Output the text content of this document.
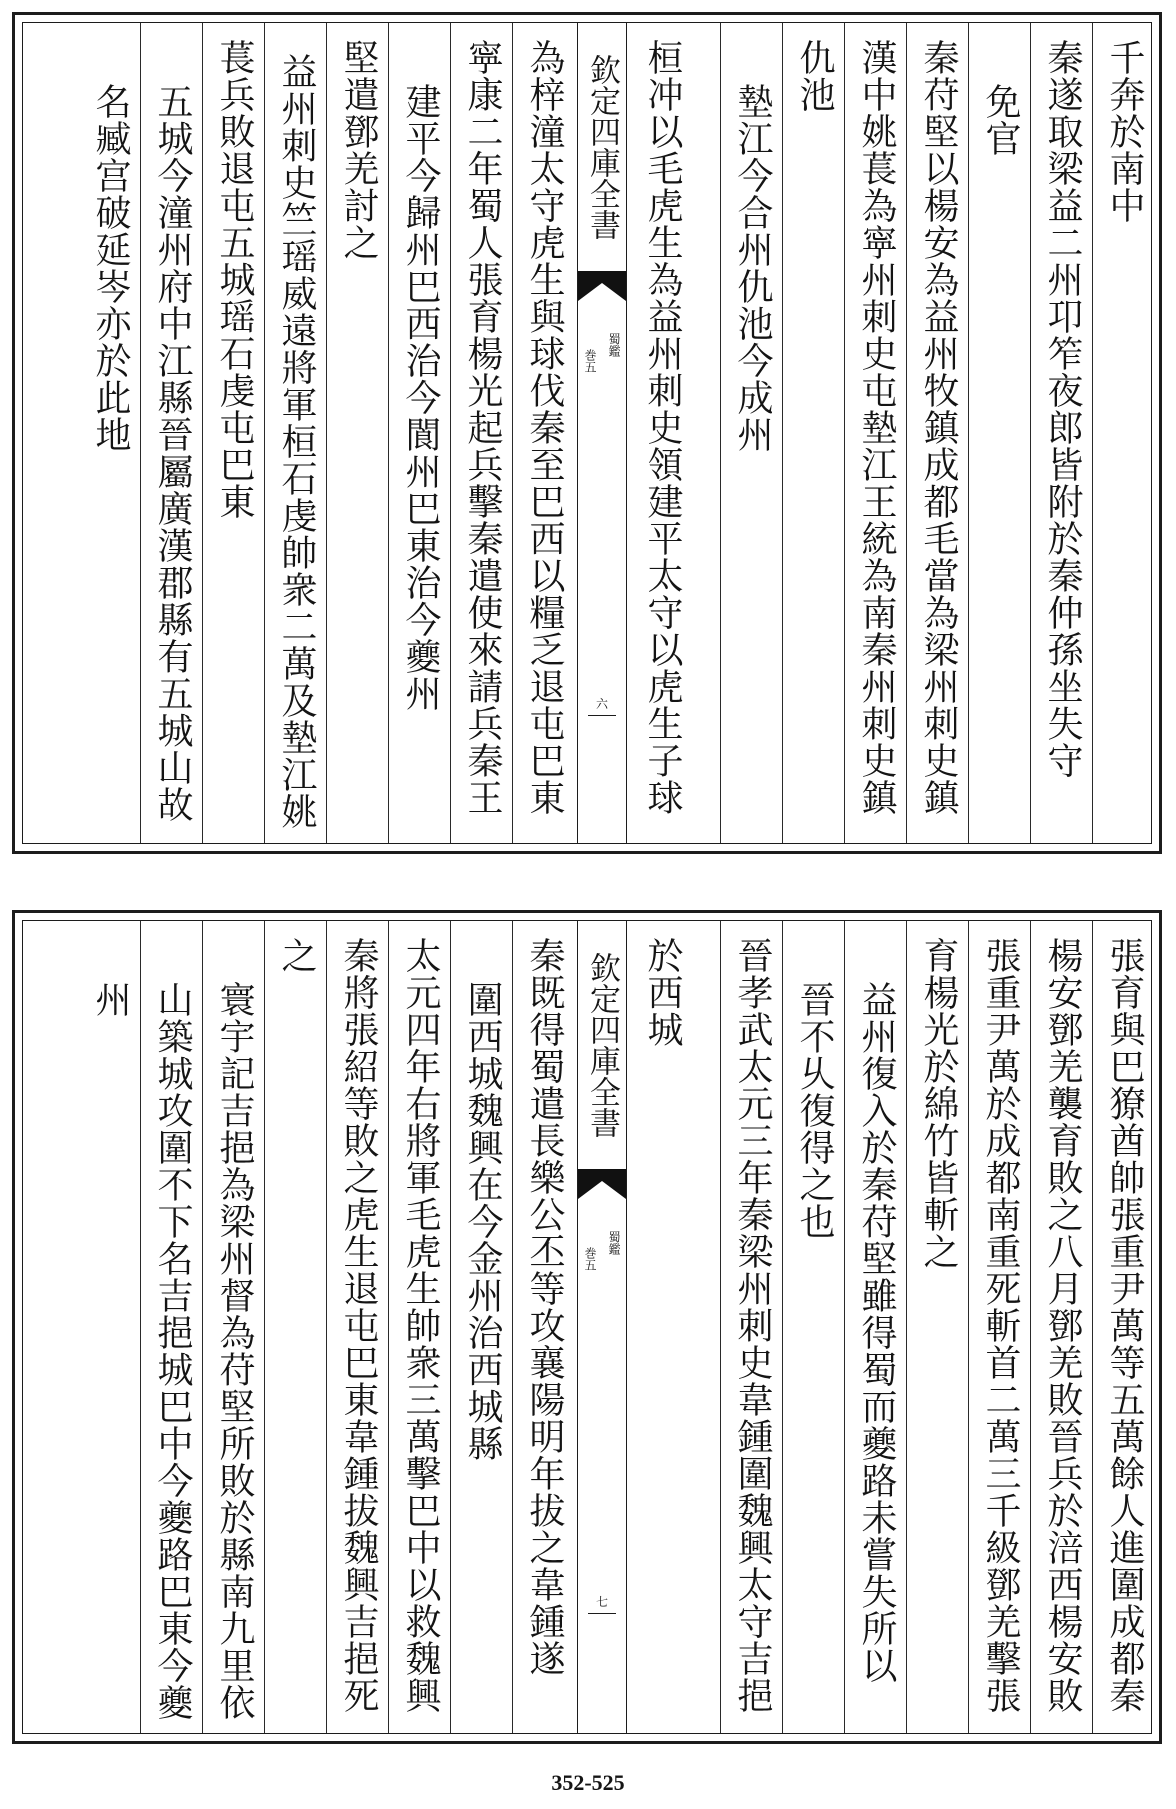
千奔於南中
秦遂取梁益二州卭笮夜郎皆附於秦仲孫坐失守
免官
秦苻堅以楊安為益州牧鎮成都毛當為梁州刺史鎮
漢中姚萇為寜州刺史屯墊江王統為南秦州刺史鎮
仇池
墊江今合州仇池今成州
桓冲以毛虎生為益州刺史領建平太守以虎生子球
欽定四庫全書
蜀鑑
巻五
六
為梓潼太守虎生與球伐秦至巴西以糧乏退屯巴東
寜康二年蜀人張育楊光起兵擊秦遣使來請兵秦王
建平今歸州巴西治今閬州巴東治今夔州
堅遣鄧羌討之
益州刺史竺瑶威遠將軍桓石虔帥衆二萬及墊江姚
萇兵敗退屯五城瑶石虔屯巴東
五城今潼州府中江縣晉屬廣漢郡縣有五城山故
名臧宫破延岑亦於此地
張育與巴獠酋帥張重尹萬等五萬餘人進圍成都秦
楊安鄧羌襲育敗之八月鄧羌敗晉兵於涪西楊安敗
張重尹萬於成都南重死斬首二萬三千級鄧羌擊張
育楊光於綿竹皆斬之
益州復入於秦苻堅雖得蜀而夔路未嘗失所以
晉不乆復得之也
晉孝武太元三年秦梁州刺史韋鍾圍魏興太守吉挹
於西城
欽定四庫全書
蜀鑑
巻五
七
秦既得蜀遣長樂公丕等攻襄陽明年拔之韋鍾遂
圍西城魏興在今金州治西城縣
太元四年右將軍毛虎生帥衆三萬擊巴中以救魏興
秦將張紹等敗之虎生退屯巴東韋鍾拔魏興吉挹死
之
寰宇記吉挹為梁州督為苻堅所敗於縣南九里依
山築城攻圍不下名吉挹城巴中今夔路巴東今夔
州
352-525
